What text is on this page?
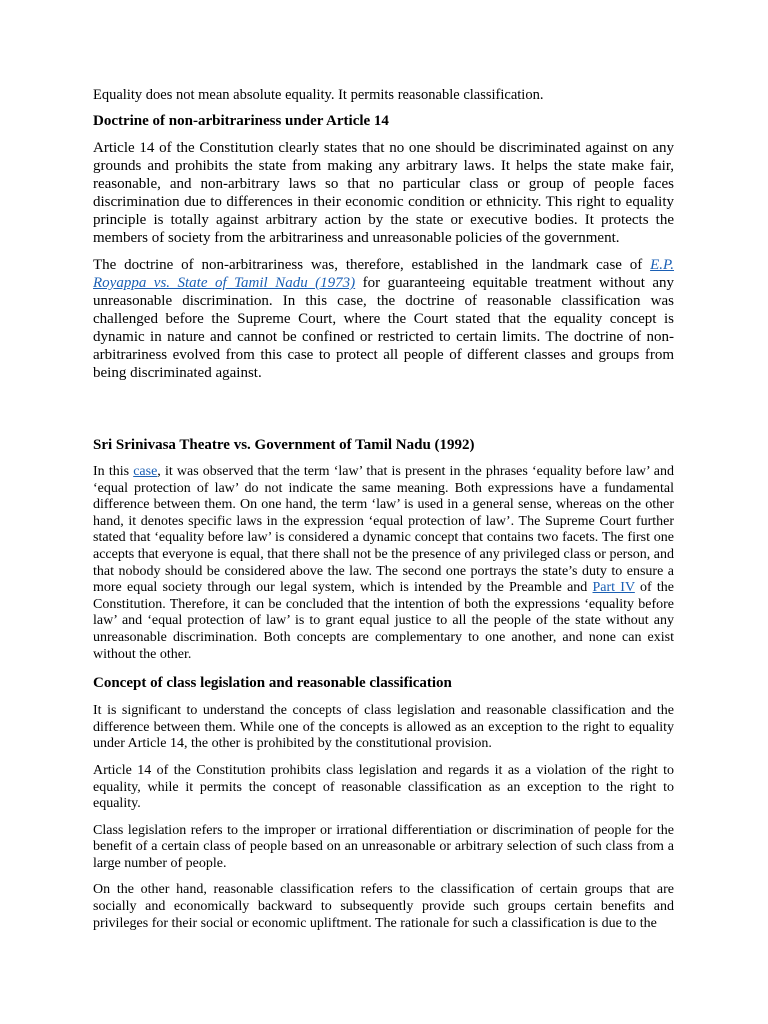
Equality does not mean absolute equality. It permits reasonable classification.

Doctrine of non-arbitrariness under Article 14

Article 14 of the Constitution clearly states that no one should be discriminated against on any grounds and prohibits the state from making any arbitrary laws. It helps the state make fair, reasonable, and non-arbitrary laws so that no particular class or group of people faces discrimination due to differences in their economic condition or ethnicity. This right to equality principle is totally against arbitrary action by the state or executive bodies. It protects the members of society from the arbitrariness and unreasonable policies of the government.

The doctrine of non-arbitrariness was, therefore, established in the landmark case of E.P. Royappa vs. State of Tamil Nadu (1973) for guaranteeing equitable treatment without any unreasonable discrimination. In this case, the doctrine of reasonable classification was challenged before the Supreme Court, where the Court stated that the equality concept is dynamic in nature and cannot be confined or restricted to certain limits. The doctrine of non-arbitrariness evolved from this case to protect all people of different classes and groups from being discriminated against.

Sri Srinivasa Theatre vs. Government of Tamil Nadu (1992)

In this case, it was observed that the term ‘law’ that is present in the phrases ‘equality before law’ and ‘equal protection of law’ do not indicate the same meaning. Both expressions have a fundamental difference between them. On one hand, the term ‘law’ is used in a general sense, whereas on the other hand, it denotes specific laws in the expression ‘equal protection of law’. The Supreme Court further stated that ‘equality before law’ is considered a dynamic concept that contains two facets. The first one accepts that everyone is equal, that there shall not be the presence of any privileged class or person, and that nobody should be considered above the law. The second one portrays the state’s duty to ensure a more equal society through our legal system, which is intended by the Preamble and Part IV of the Constitution. Therefore, it can be concluded that the intention of both the expressions ‘equality before law’ and ‘equal protection of law’ is to grant equal justice to all the people of the state without any unreasonable discrimination. Both concepts are complementary to one another, and none can exist without the other.

Concept of class legislation and reasonable classification

It is significant to understand the concepts of class legislation and reasonable classification and the difference between them. While one of the concepts is allowed as an exception to the right to equality under Article 14, the other is prohibited by the constitutional provision.

Article 14 of the Constitution prohibits class legislation and regards it as a violation of the right to equality, while it permits the concept of reasonable classification as an exception to the right to equality.

Class legislation refers to the improper or irrational differentiation or discrimination of people for the benefit of a certain class of people based on an unreasonable or arbitrary selection of such class from a large number of people.

On the other hand, reasonable classification refers to the classification of certain groups that are socially and economically backward to subsequently provide such groups certain benefits and privileges for their social or economic upliftment. The rationale for such a classification is due to the
